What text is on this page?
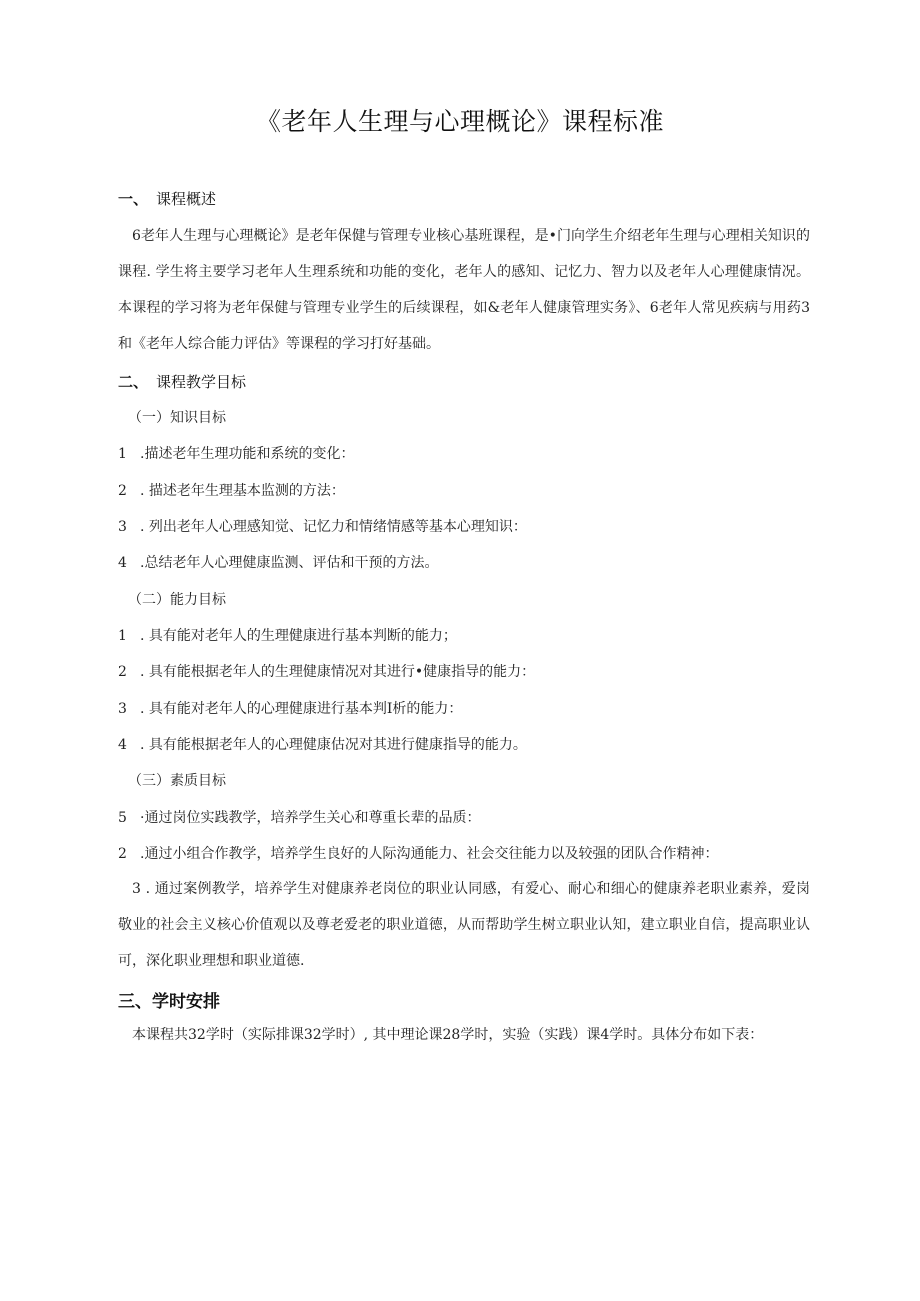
《老年人生理与心理概论》课程标准
一、 课程概述

6老年人生理与心理概论》是老年保健与管理专业核心基班课程，是•门向学生介绍老年生理与心理相关知识的课程. 学生将主要学习老年人生理系统和功能的变化，老年人的感知、记忆力、智力以及老年人心理健康情况。本课程的学习将为老年保健与管理专业学生的后续课程，如&老年人健康管理实务》、6老年人常见疾病与用药3和《老年人综合能力评估》等课程的学习打好基础。

二、 课程教学目标
（一）知识目标
1 .描述老年生理功能和系统的变化：
2 . 描述老年生理基本监测的方法：
3 . 列出老年人心理感知觉、记忆力和情绪情感等基本心理知识：
4 .总结老年人心理健康监测、评估和干预的方法。
（二）能力目标
1 . 具有能对老年人的生理健康进行基本判断的能力；
2 . 具有能根据老年人的生理健康情况对其进行•健康指导的能力：
3 . 具有能对老年人的心理健康进行基本判I析的能力：
4 . 具有能根据老年人的心理健康估况对其进行健康指导的能力。
（三）素质目标
5 ·通过岗位实践教学，培养学生关心和尊重长辈的品质：
2 .通过小组合作教学，培养学生良好的人际沟通能力、社会交往能力以及较强的团队合作精神：

3 . 通过案例教学，培养学生对健康养老岗位的职业认同感，有爱心、耐心和细心的健康养老职业素养，爱岗敬业的社会主义核心价值观以及尊老爱老的职业道德，从而帮助学生树立职业认知，建立职业自信，提高职业认可，深化职业理想和职业道德.

三、学时安排

本课程共32学时（实际排课32学时）, 其中理论课28学时，实验（实践）课4学时。具体分布如下表：
